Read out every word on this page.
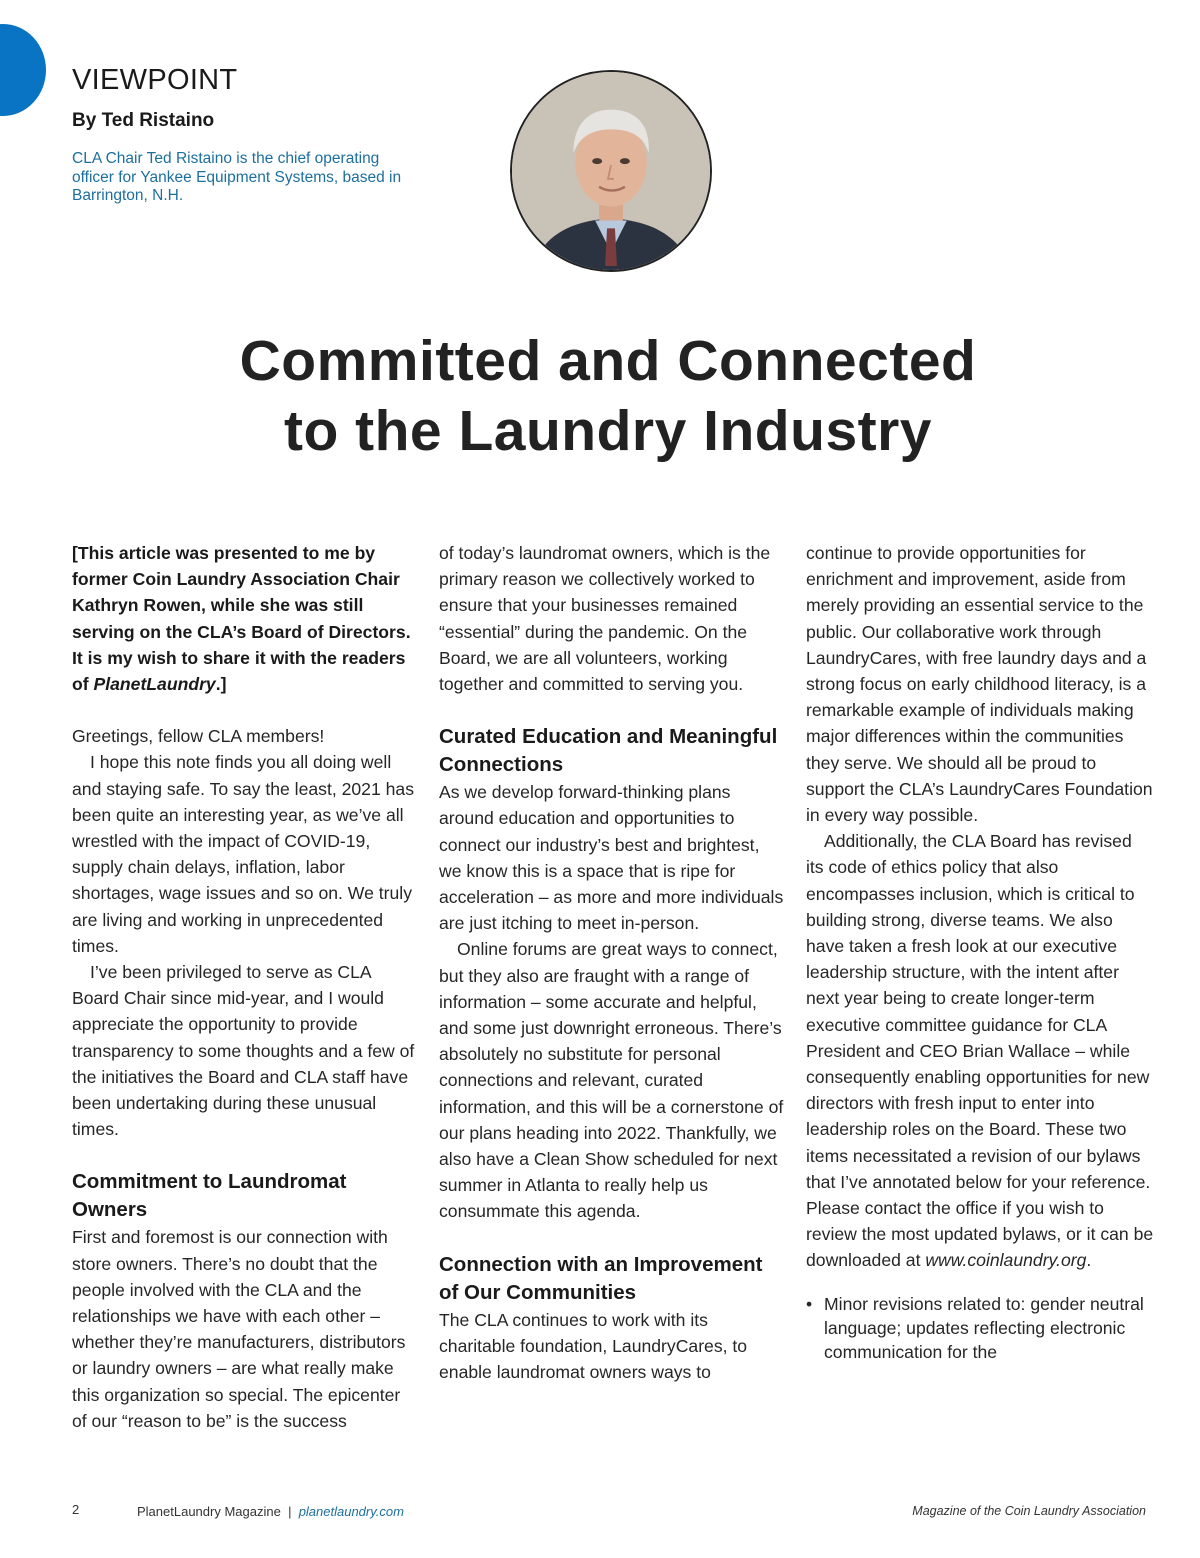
VIEWPOINT

By Ted Ristaino

CLA Chair Ted Ristaino is the chief operating officer for Yankee Equipment Systems, based in Barrington, N.H.

Committed and Connected
to the Laundry Industry

[This article was presented to me by former Coin Laundry Association Chair Kathryn Rowen, while she was still serving on the CLA’s Board of Directors. It is my wish to share it with the readers of PlanetLaundry.]

Greetings, fellow CLA members!

I hope this note finds you all doing well and staying safe. To say the least, 2021 has been quite an interesting year, as we’ve all wrestled with the impact of COVID-19, supply chain delays, inflation, labor shortages, wage issues and so on. We truly are living and working in unprecedented times.

I’ve been privileged to serve as CLA Board Chair since mid-year, and I would appreciate the opportunity to provide transparency to some thoughts and a few of the initiatives the Board and CLA staff have been undertaking during these unusual times.

Commitment to Laundromat Owners

First and foremost is our connection with store owners. There’s no doubt that the people involved with the CLA and the relationships we have with each other – whether they’re manufacturers, distributors or laundry owners – are what really make this organization so special. The epicenter of our “reason to be” is the success

of today’s laundromat owners, which is the primary reason we collectively worked to ensure that your businesses remained “essential” during the pandemic. On the Board, we are all volunteers, working together and committed to serving you.

Curated Education and Meaningful Connections

As we develop forward-thinking plans around education and opportunities to connect our industry’s best and brightest, we know this is a space that is ripe for acceleration – as more and more individuals are just itching to meet in-person.

Online forums are great ways to connect, but they also are fraught with a range of information – some accurate and helpful, and some just downright erroneous. There’s absolutely no substitute for personal connections and relevant, curated information, and this will be a cornerstone of our plans heading into 2022. Thankfully, we also have a Clean Show scheduled for next summer in Atlanta to really help us consummate this agenda.

Connection with an Improvement of Our Communities

The CLA continues to work with its charitable foundation, LaundryCares, to enable laundromat owners ways to

continue to provide opportunities for enrichment and improvement, aside from merely providing an essential service to the public. Our collaborative work through LaundryCares, with free laundry days and a strong focus on early childhood literacy, is a remarkable example of individuals making major differences within the communities they serve. We should all be proud to support the CLA’s LaundryCares Foundation in every way possible.

Additionally, the CLA Board has revised its code of ethics policy that also encompasses inclusion, which is critical to building strong, diverse teams. We also have taken a fresh look at our executive leadership structure, with the intent after next year being to create longer-term executive committee guidance for CLA President and CEO Brian Wallace – while consequently enabling opportunities for new directors with fresh input to enter into leadership roles on the Board. These two items necessitated a revision of our bylaws that I’ve annotated below for your reference. Please contact the office if you wish to review the most updated bylaws, or it can be downloaded at www.coinlaundry.org.

• Minor revisions related to: gender neutral language; updates reflecting electronic communication for the
2	PlanetLaundry Magazine | planetlaundry.com	Magazine of the Coin Laundry Association
